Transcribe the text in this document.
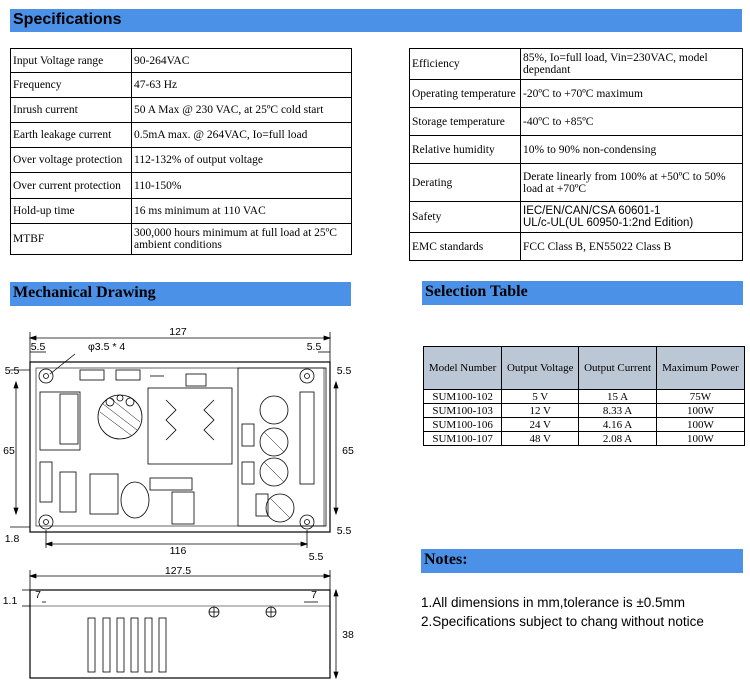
Specifications
Input Voltage range	90-264VAC
Frequency	47-63 Hz
Inrush current	50 A Max @ 230 VAC, at 25ºC cold start
Earth leakage current	0.5mA max. @ 264VAC, Io=full load
Over voltage protection	112-132% of output voltage
Over current protection	110-150%
Hold-up time	16 ms minimum at 110 VAC
MTBF	300,000 hours minimum at full load at 25ºC ambient conditions
Efficiency	85%, Io=full load, Vin=230VAC, model dependant
Operating temperature	-20ºC to +70ºC maximum
Storage temperature	-40ºC to +85ºC
Relative humidity	10% to 90% non-condensing
Derating	Derate linearly from 100% at +50ºC to 50% load at +70ºC
Safety	IEC/EN/CAN/CSA 60601-1
UL/c-UL(UL 60950-1:2nd Edition)

EMC standards	FCC Class B, EN55022 Class B
Mechanical Drawing	Selection Table
Model Number	Output Voltage	Output Current	Maximum Power
SUM100-102	5 V	15 A	75W
SUM100-103	12 V	8.33 A	100W
SUM100-106	24 V	4.16 A	100W
SUM100-107	48 V	2.08 A	100W
Notes:
1.All dimensions in mm,tolerance is ±0.5mm
2.Specifications subject to chang without notice
127
φ3.5 * 4
5.5	5.5
5.5	5.5
65	65
1.8
5.5
5.5
116
127.5
7	7
1.1
38
